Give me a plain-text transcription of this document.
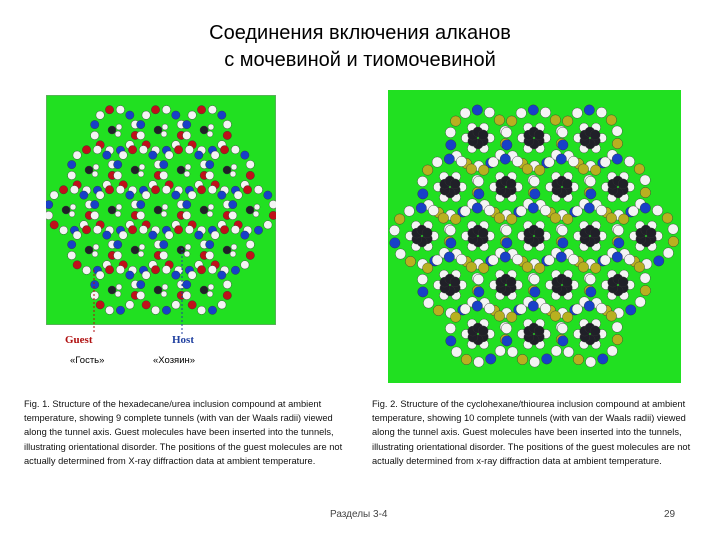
Соединения включения алканов
с мочевиной и тиомочевиной
Guest	Host
«Гость»	«Хозяин»
Fig. 1. Structure of the hexadecane/urea inclusion compound at ambient temperature, showing 9 complete tunnels (with van der Waals radii) viewed along the tunnel axis. Guest molecules have been inserted into the tunnels, illustrating orientational disorder. The positions of the guest molecules are not actually determined from X-ray diffraction data at ambient temperature.
Fig. 2. Structure of the cyclohexane/thiourea inclusion compound at ambient temperature, showing 10 complete tunnels (with van der Waals radii) viewed along the tunnel axis. Guest molecules have been inserted into the tunnels, illustrating orientational disorder. The positions of the guest molecules are not actually determined from x-ray diffraction data at ambient temperature.
Разделы 3-4	29
